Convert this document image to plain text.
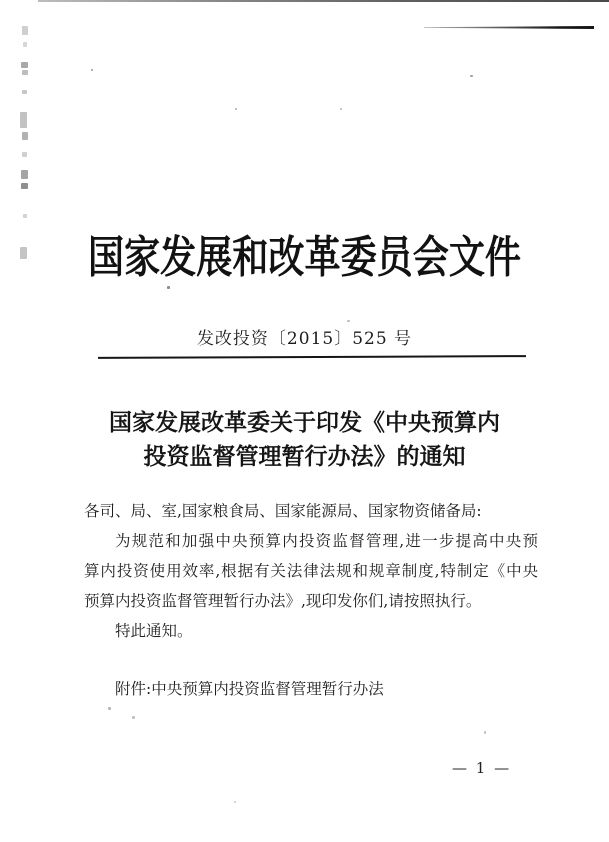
国家发展和改革委员会文件
发改投资〔2015〕525 号
国家发展改革委关于印发《中央预算内
投资监督管理暂行办法》的通知

各司、局、室,国家粮食局、国家能源局、国家物资储备局:

为规范和加强中央预算内投资监督管理,进一步提高中央预

算内投资使用效率,根据有关法律法规和规章制度,特制定《中央

预算内投资监督管理暂行办法》,现印发你们,请按照执行。

特此通知。

附件:中央预算内投资监督管理暂行办法

— 1 —
